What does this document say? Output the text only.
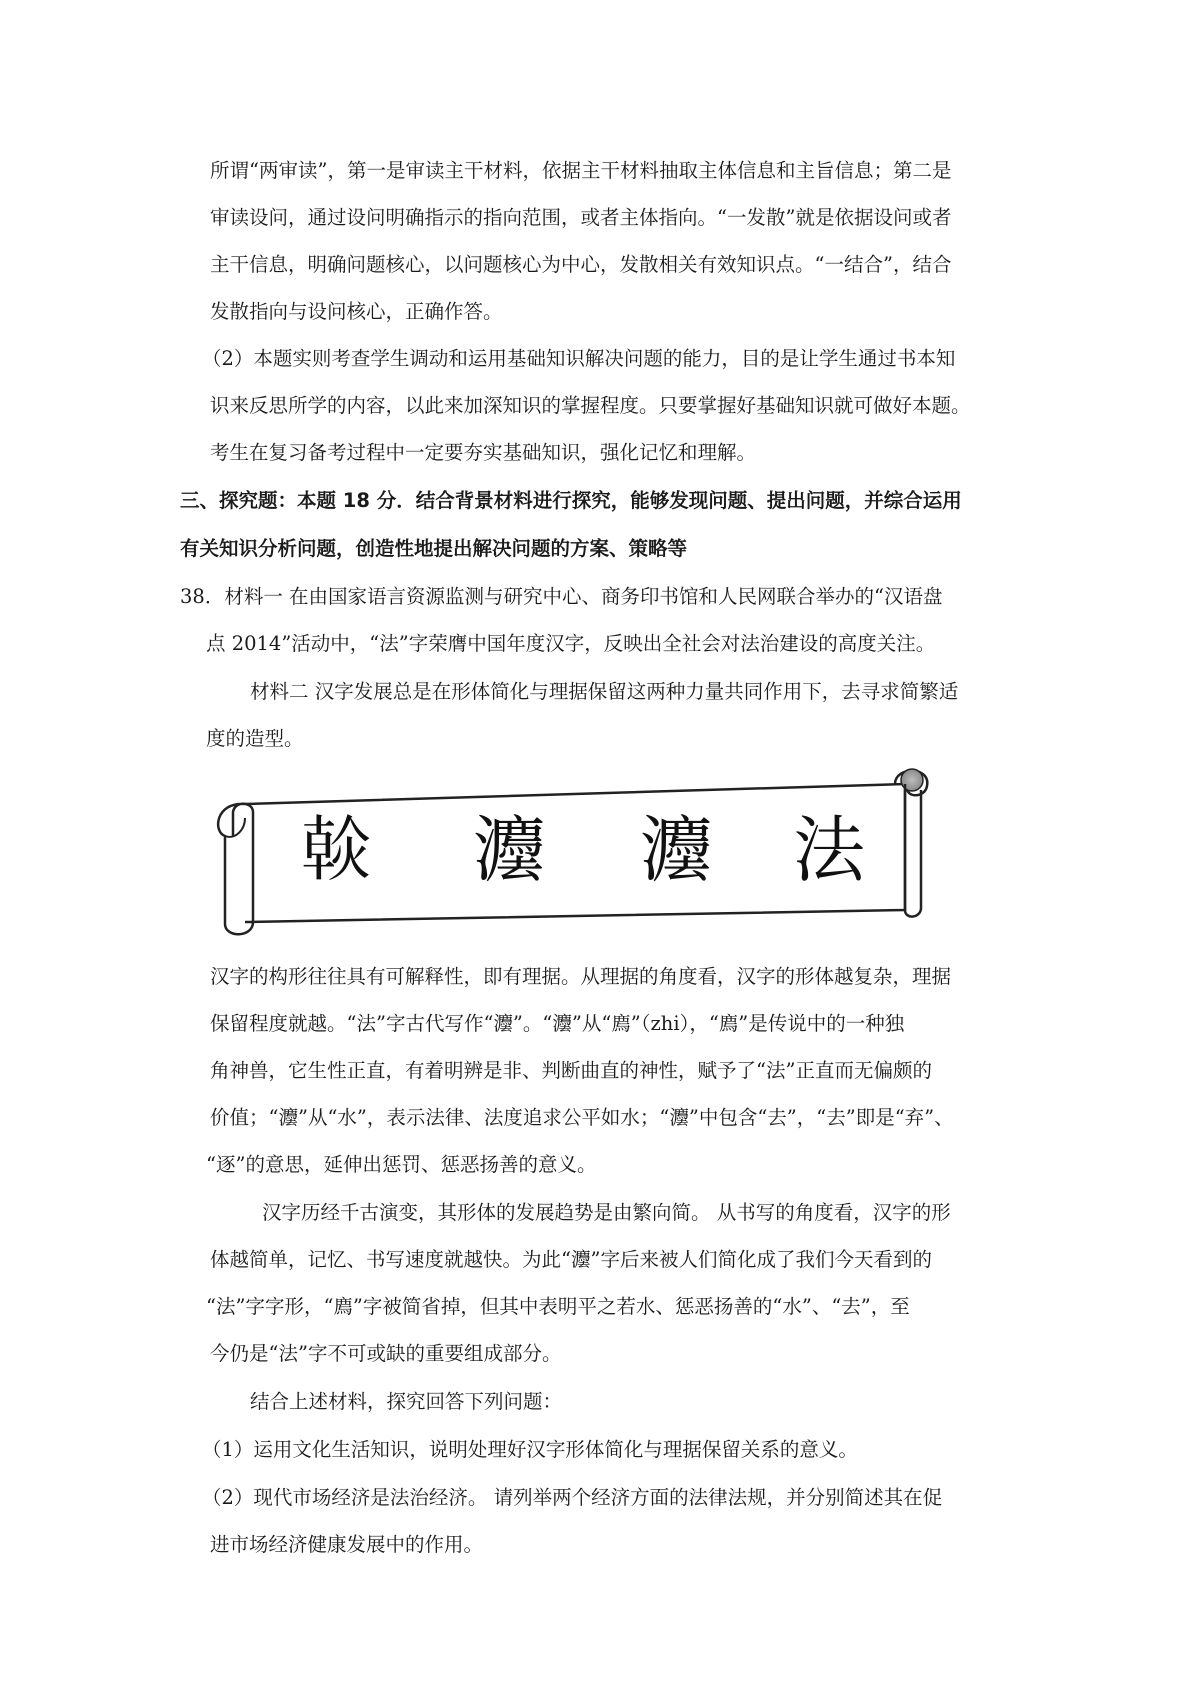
所谓“两审读”，第一是审读主干材料，依据主干材料抽取主体信息和主旨信息；第二是
审读设问，通过设问明确指示的指向范围，或者主体指向。“一发散”就是依据设问或者
主干信息，明确问题核心，以问题核心为中心，发散相关有效知识点。“一结合”，结合
发散指向与设问核心，正确作答。
（2）本题实则考查学生调动和运用基础知识解决问题的能力，目的是让学生通过书本知
识来反思所学的内容，以此来加深知识的掌握程度。只要掌握好基础知识就可做好本题。
考生在复习备考过程中一定要夯实基础知识，强化记忆和理解。
三、探究题：本题 18 分．结合背景材料进行探究，能够发现问题、提出问题，并综合运用
有关知识分析问题，创造性地提出解决问题的方案、策略等
38．材料一 在由国家语言资源监测与研究中心、商务印书馆和人民网联合举办的“汉语盘
点 2014”活动中，“法”字荣膺中国年度汉字，反映出全社会对法治建设的高度关注。
材料二 汉字发展总是在形体简化与理据保留这两种力量共同作用下，去寻求简繁适
度的造型。
𤌹 灋 灋 法
汉字的构形往往具有可解释性，即有理据。从理据的角度看，汉字的形体越复杂，理据
保留程度就越。“法”字古代写作“灋”。“灋”从“廌”（zhi），“廌”是传说中的一种独
角神兽，它生性正直，有着明辨是非、判断曲直的神性，赋予了“法”正直而无偏颇的
价值；“灋”从“水”，表示法律、法度追求公平如水；“灋”中包含“去”，“去”即是“弃”、
“逐”的意思，延伸出惩罚、惩恶扬善的意义。
汉字历经千古演变，其形体的发展趋势是由繁向简。 从书写的角度看，汉字的形
体越简单，记忆、书写速度就越快。为此“灋”字后来被人们简化成了我们今天看到的
“法”字字形，“廌”字被简省掉，但其中表明平之若水、惩恶扬善的“水”、“去”，至
今仍是“法”字不可或缺的重要组成部分。
结合上述材料，探究回答下列问题：
（1）运用文化生活知识，说明处理好汉字形体简化与理据保留关系的意义。
（2）现代市场经济是法治经济。 请列举两个经济方面的法律法规，并分别简述其在促
进市场经济健康发展中的作用。
